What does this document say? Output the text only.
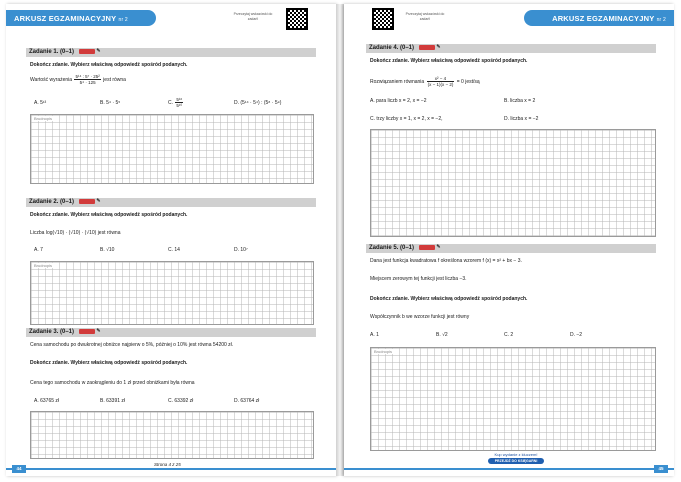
ARKUSZ EGZAMINACYJNY nr 2
Przeczytaj wskazówki do zadań!
Zadanie 1. (0–1)	✎
Dokończ zdanie. Wybierz właściwą odpowiedź spośród podanych.
Wartość wyrażenia $\frac{\text{5¹⁴ : 5⁷ · 25²}}{\text{5⁴ · 125}}$ jest równa
A. 5¹³	B. 5⁴ · 5⁵	C. $\frac{\text{5¹⁶}}{\text{5¹⁰}}$	D. (5¹⁴ · 5⁴) : (5⁸ · 5⁹)
Brudnopis
Zadanie 2. (0–1)	✎
Dokończ zdanie. Wybierz właściwą odpowiedź spośród podanych.
Liczba log(√10) · (√10) · (√10) jest równa
A. 7	B. √10	C. 14	D. 10⁷
Brudnopis
Zadanie 3. (0–1)	✎
Cena samochodu po dwukrotnej obniżce najpierw o 5%, później o 10% jest równa 54200 zł.
Dokończ zdanie. Wybierz właściwą odpowiedź spośród podanych.
Cena tego samochodu w zaokrągleniu do 1 zł przed obniżkami była równa
A. 63765 zł	B. 63391 zł	C. 63392 zł	D. 63764 zł
Strona 4 z 25
44
ARKUSZ EGZAMINACYJNY nr 2
Przeczytaj wskazówki do zadań!
Zadanie 4. (0–1)	✎
Dokończ zdanie. Wybierz właściwą odpowiedź spośród podanych.
Rozwiązaniem równania $\frac{\text{x² − 4}}{(x - 1)(x - 2)} = 0$ jest/są
A. para liczb x = 2, x = −2	B. liczba x = 2
C. trzy liczby x = 1, x = 2, x = −2,	D. liczba x = −2
Zadanie 5. (0–1)	✎
Dana jest funkcja kwadratowa f określona wzorem f (x) = x² + bx − 3.
Miejscem zerowym tej funkcji jest liczba −3.
Dokończ zdanie. Wybierz właściwą odpowiedź spośród podanych.
Współczynnik b we wzorze funkcji jest równy
A. 1	B. √2	C. 2	D. −2
Brudnopis
Kup wydanie z kluczem!
PRZEJDŹ DO KSIĘGARNI
45
